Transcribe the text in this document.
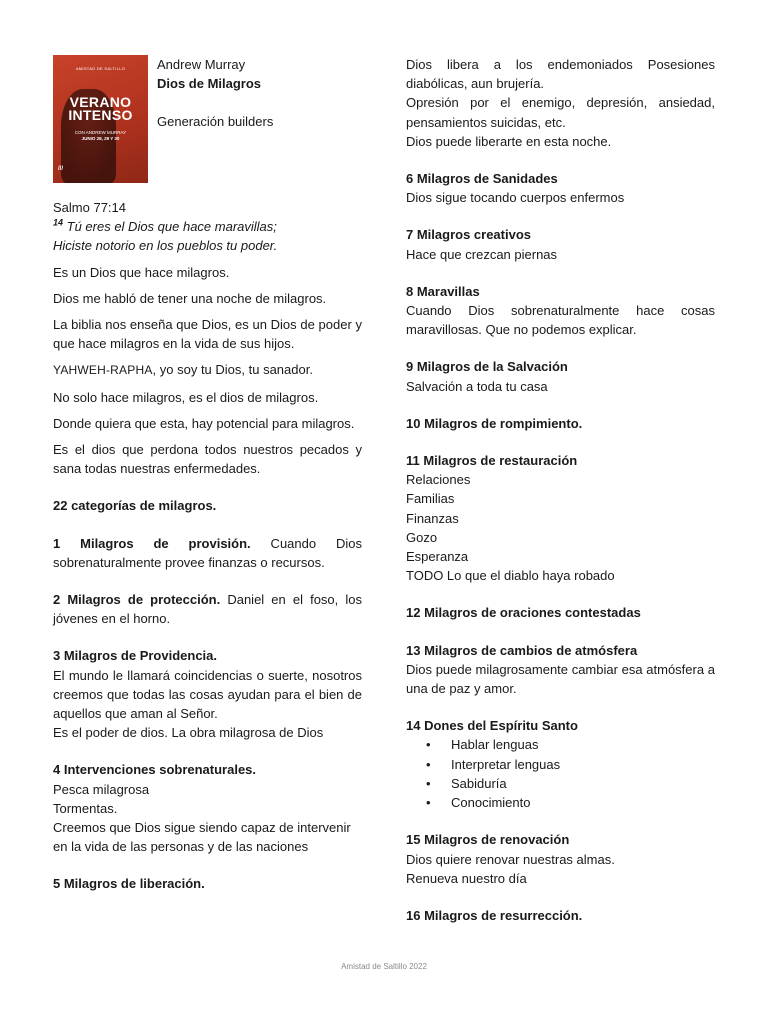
AMISTAD DE SALTILLO
VERANO
INTENSO
CON ANDREW MURRAY
JUNIO 28, 29 Y 30
///
Andrew Murray
Dios de Milagros
Generación builders

Salmo 77:14

$^{14}$ Tú eres el Dios que hace maravillas;

Hiciste notorio en los pueblos tu poder.

Es un Dios que hace milagros.

Dios me habló de tener una noche de milagros.

La biblia nos enseña que Dios, es un Dios de poder y que hace milagros en la vida de sus hijos.

YAHWEH-RAPHA, yo soy tu Dios, tu sanador.

No solo hace milagros, es el dios de milagros.

Donde quiera que esta, hay potencial para milagros.

Es el dios que perdona todos nuestros pecados y sana todas nuestras enfermedades.

22 categorías de milagros.

1 Milagros de provisión. Cuando Dios sobrenaturalmente provee finanzas o recursos.

2 Milagros de protección. Daniel en el foso, los jóvenes en el horno.

3 Milagros de Providencia.

El mundo le llamará coincidencias o suerte, nosotros creemos que todas las cosas ayudan para el bien de aquellos que aman al Señor.

Es el poder de dios. La obra milagrosa de Dios

4 Intervenciones sobrenaturales.

Pesca milagrosa

Tormentas.

Creemos que Dios sigue siendo capaz de intervenir en la vida de las personas y de las naciones

5 Milagros de liberación.

Dios libera a los endemoniados Posesiones diabólicas, aun brujería.

Opresión por el enemigo, depresión, ansiedad, pensamientos suicidas, etc.

Dios puede liberarte en esta noche.

6 Milagros de Sanidades

Dios sigue tocando cuerpos enfermos

7 Milagros creativos

Hace que crezcan piernas

8 Maravillas

Cuando Dios sobrenaturalmente hace cosas maravillosas. Que no podemos explicar.

9 Milagros de la Salvación

Salvación a toda tu casa

10 Milagros de rompimiento.

11 Milagros de restauración

Relaciones

Familias

Finanzas

Gozo

Esperanza

TODO Lo que el diablo haya robado

12 Milagros de oraciones contestadas

13 Milagros de cambios de atmósfera

Dios puede milagrosamente cambiar esa atmósfera a una de paz y amor.

14 Dones del Espíritu Santo

• Hablar lenguas
• Interpretar lenguas
• Sabiduría
• Conocimiento

15 Milagros de renovación

Dios quiere renovar nuestras almas.

Renueva nuestro día

16 Milagros de resurrección.

Amistad de Saltillo 2022
